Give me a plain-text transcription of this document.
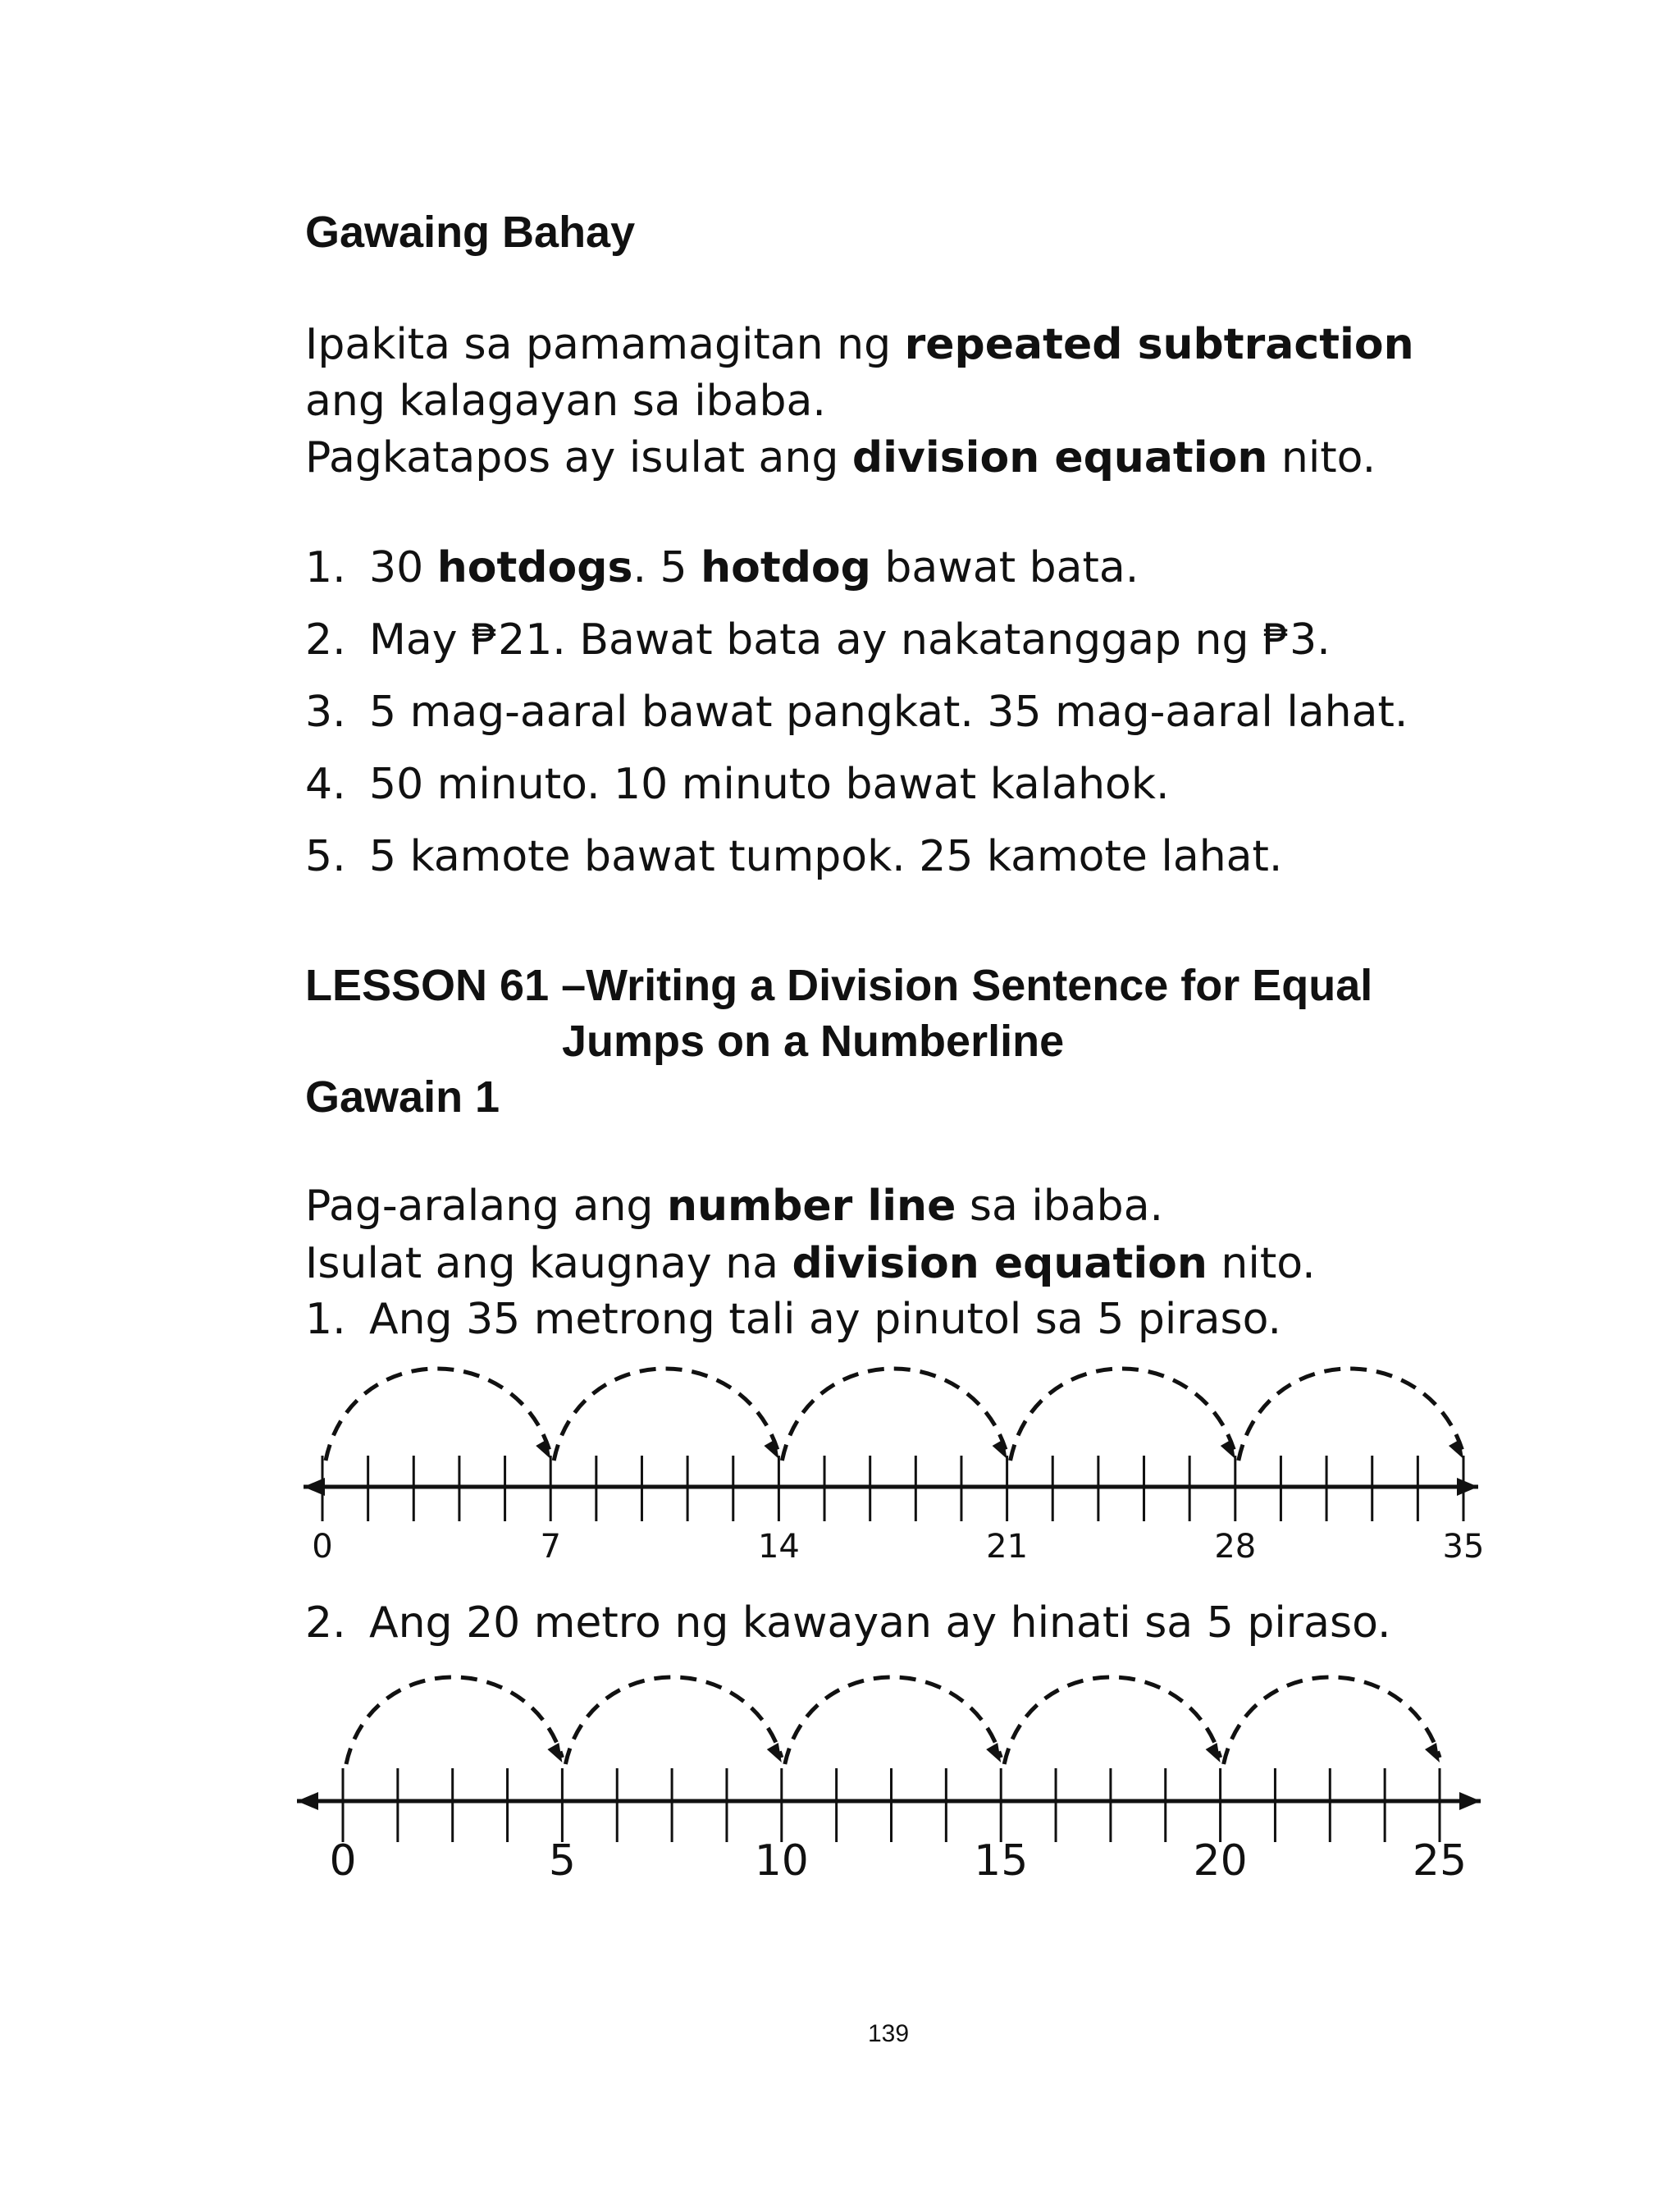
Gawaing Bahay
Ipakita sa pamamagitan ng repeated subtraction
ang kalagayan sa ibaba.
Pagkatapos ay isulat ang division equation nito.
1. 30 hotdogs. 5 hotdog bawat bata.
2. May ₱21. Bawat bata ay nakatanggap ng ₱3.
3. 5 mag-aaral bawat pangkat. 35 mag-aaral lahat.
4. 50 minuto. 10 minuto bawat kalahok.
5. 5 kamote bawat tumpok. 25 kamote lahat.
LESSON 61 –Writing a Division Sentence for Equal
Jumps on a Numberline
Gawain 1
Pag-aralang ang number line sa ibaba.
Isulat ang kaugnay na division equation nito.
1. Ang 35 metrong tali ay pinutol sa 5 piraso.
0	7	14	21	28	35
2. Ang 20 metro ng kawayan ay hinati sa 5 piraso.
0	5	10	15	20	25
139
